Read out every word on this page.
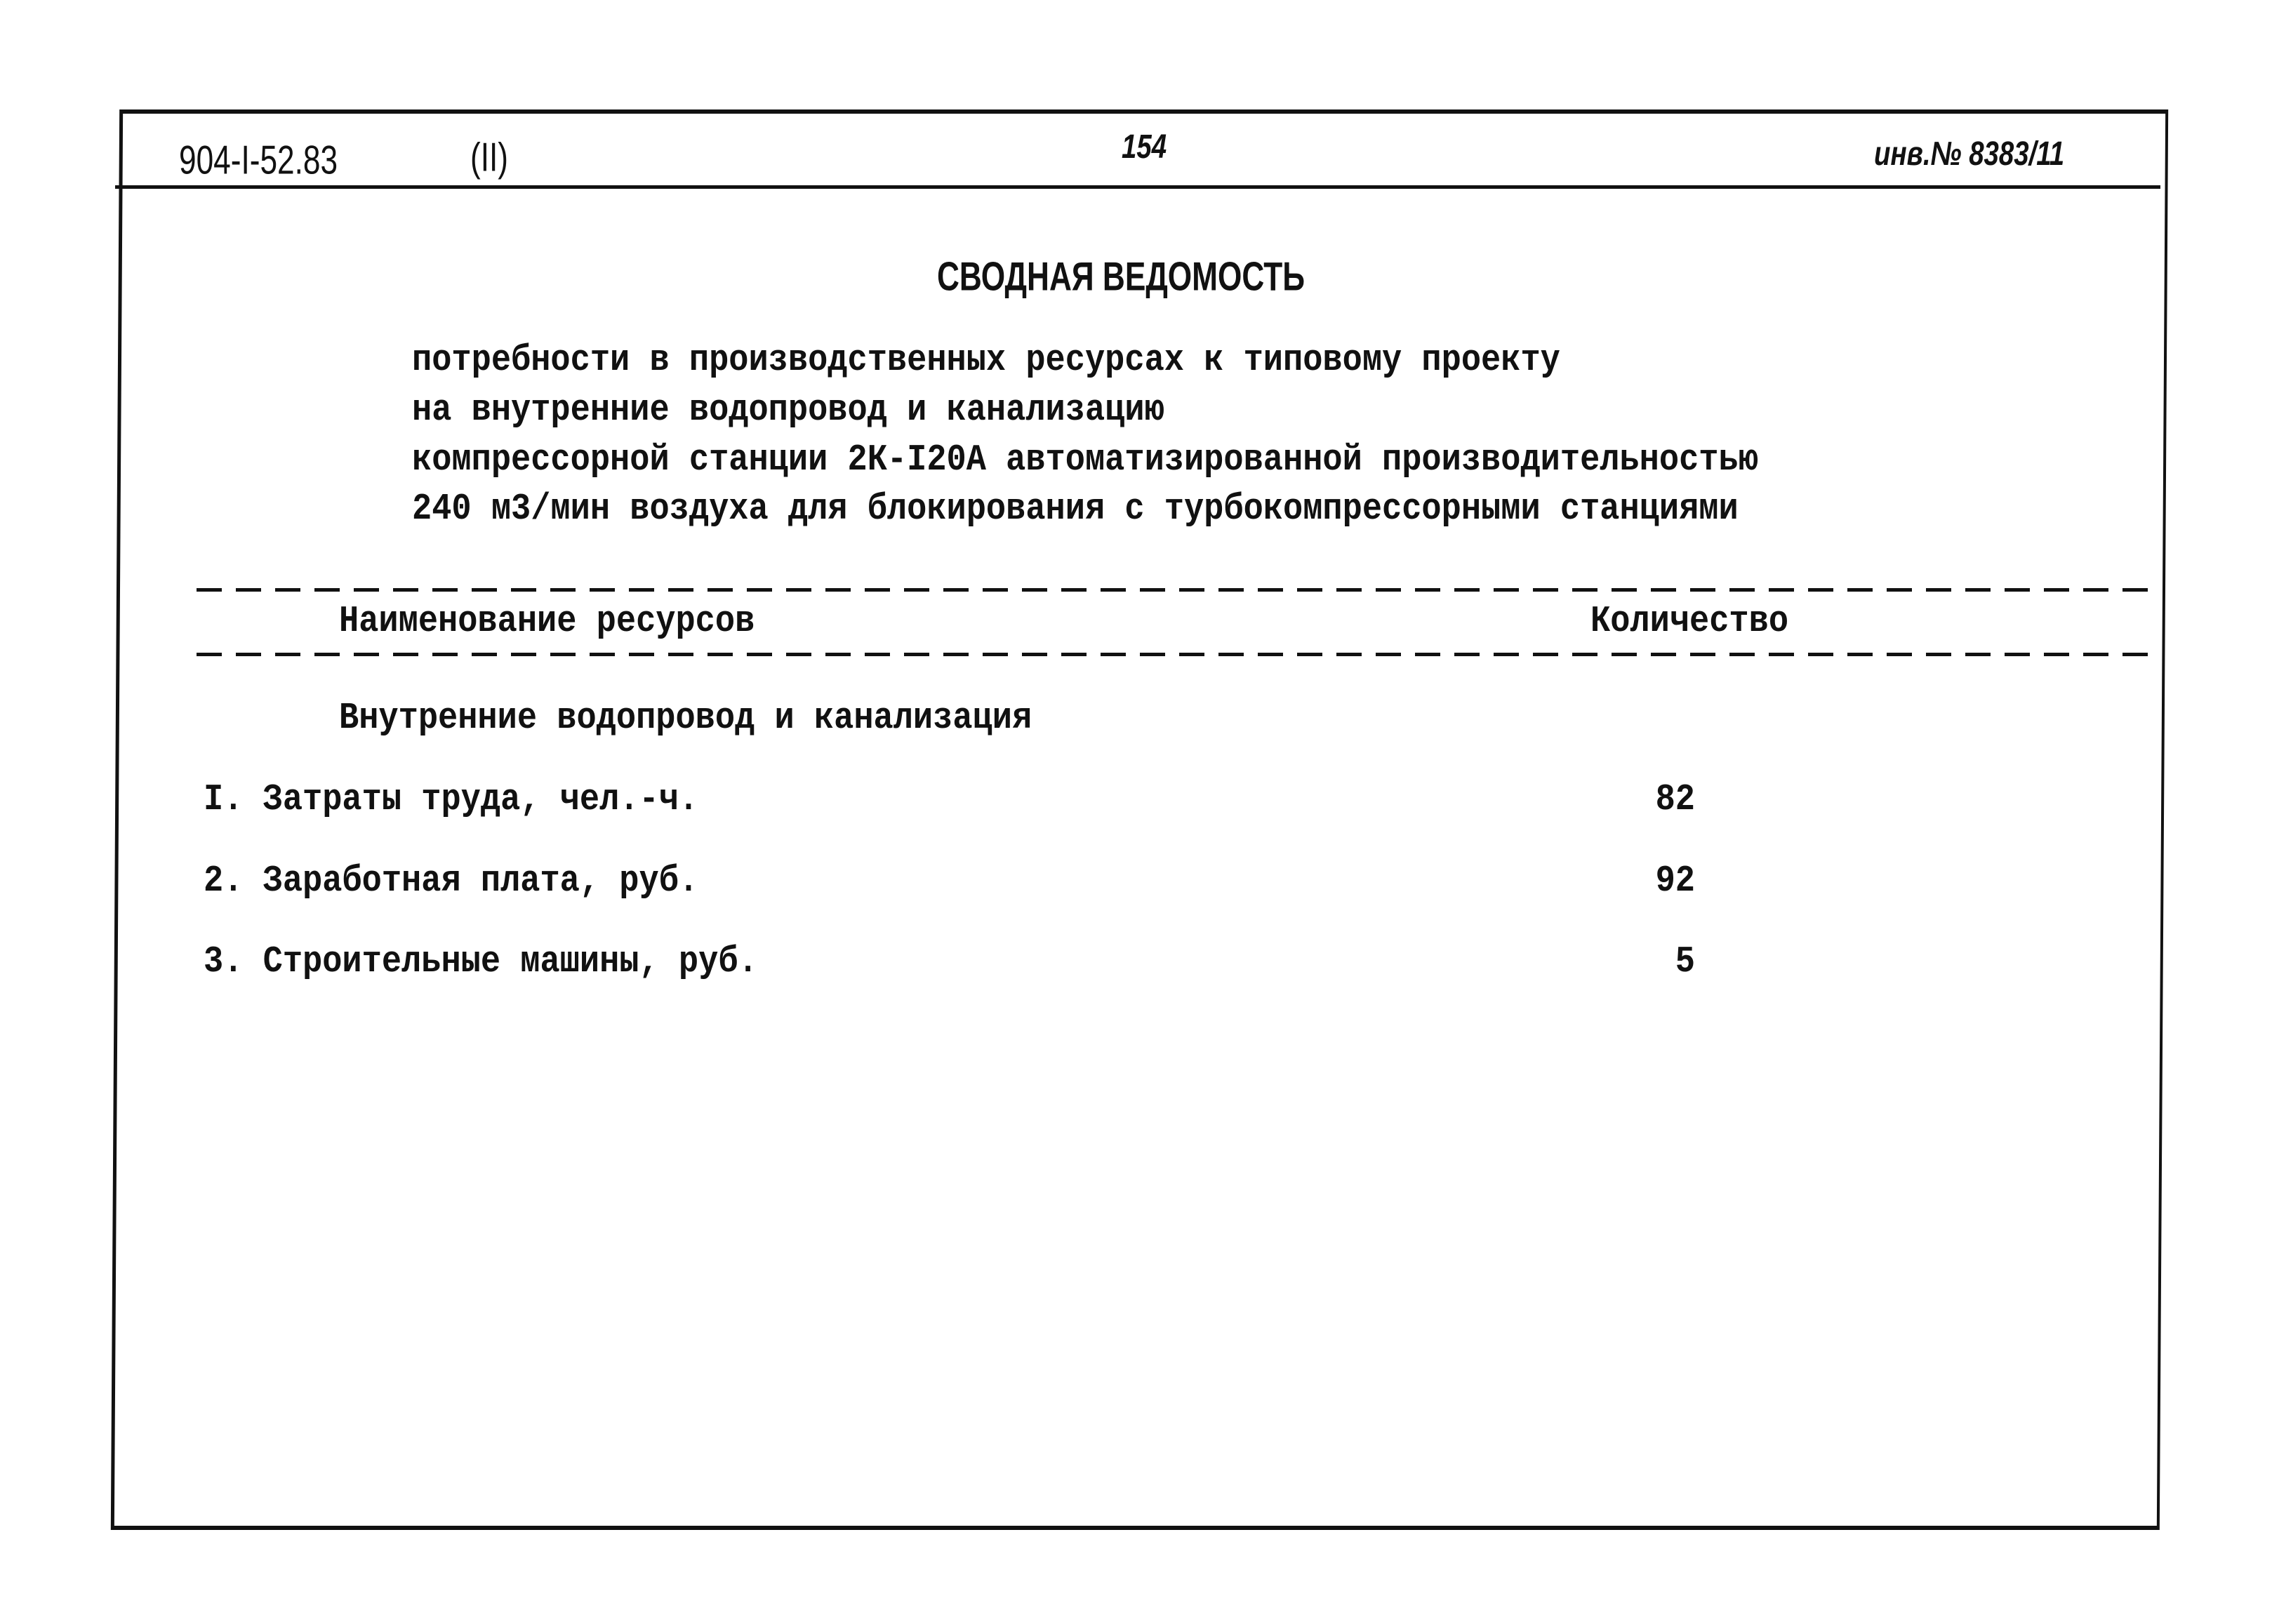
904-I-52.83	(II)	154	инв.№ 8383/11
СВОДНАЯ ВЕДОМОСТЬ
потребности в производственных ресурсах к типовому проекту
на внутренние водопровод и канализацию
компрессорной станции 2К-I20А автоматизированной производительностью
240 м3/мин воздуха для блокирования с турбокомпрессорными станциями
Наименование ресурсов	Количество
Внутренние водопровод и канализация
I. Затраты труда, чел.-ч.	82
2. Заработная плата, руб.	92
3. Строительные машины, руб.	5
